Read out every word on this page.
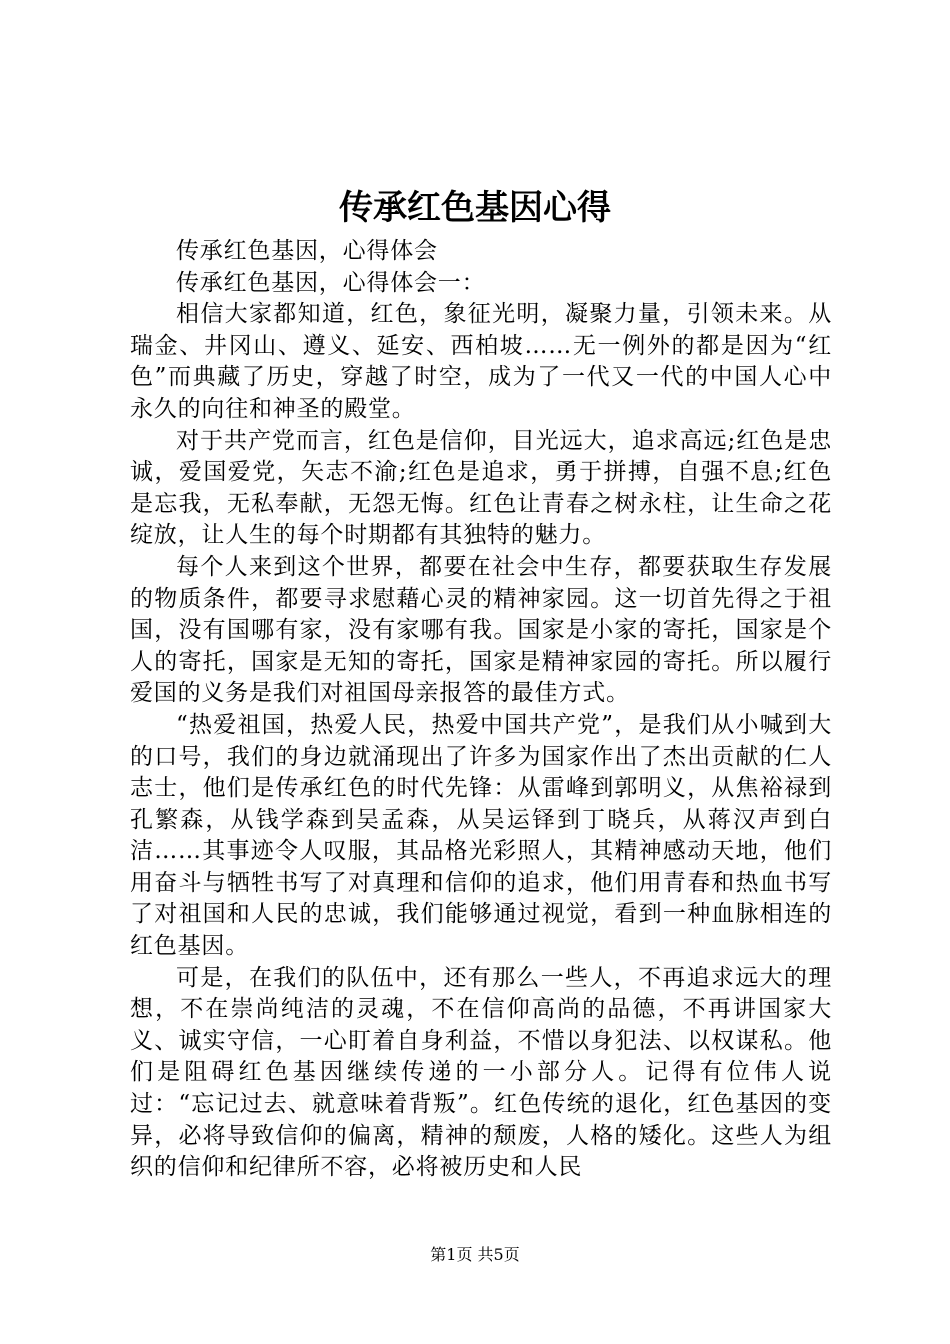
传承红色基因心得

传承红色基因，心得体会

传承红色基因，心得体会一：

相信大家都知道，红色，象征光明，凝聚力量，引领未来。从瑞金、井冈山、遵义、延安、西柏坡……无一例外的都是因为“红色”而典藏了历史，穿越了时空，成为了一代又一代的中国人心中永久的向往和神圣的殿堂。

对于共产党而言，红色是信仰，目光远大，追求高远;红色是忠诚，爱国爱党，矢志不渝;红色是追求，勇于拼搏，自强不息;红色是忘我，无私奉献，无怨无悔。红色让青春之树永柱，让生命之花绽放，让人生的每个时期都有其独特的魅力。

每个人来到这个世界，都要在社会中生存，都要获取生存发展的物质条件，都要寻求慰藉心灵的精神家园。这一切首先得之于祖国，没有国哪有家，没有家哪有我。国家是小家的寄托，国家是个人的寄托，国家是无知的寄托，国家是精神家园的寄托。所以履行爱国的义务是我们对祖国母亲报答的最佳方式。

“热爱祖国，热爱人民，热爱中国共产党”，是我们从小喊到大的口号，我们的身边就涌现出了许多为国家作出了杰出贡献的仁人志士，他们是传承红色的时代先锋：从雷峰到郭明义，从焦裕禄到孔繁森，从钱学森到吴孟森，从吴运铎到丁晓兵，从蒋汉声到白洁……其事迹令人叹服，其品格光彩照人，其精神感动天地，他们用奋斗与牺牲书写了对真理和信仰的追求，他们用青春和热血书写了对祖国和人民的忠诚，我们能够通过视觉，看到一种血脉相连的红色基因。

可是，在我们的队伍中，还有那么一些人，不再追求远大的理想，不在崇尚纯洁的灵魂，不在信仰高尚的品德，不再讲国家大义、诚实守信，一心盯着自身利益，不惜以身犯法、以权谋私。他们是阻碍红色基因继续传递的一小部分人。记得有位伟人说过：“忘记过去、就意味着背叛”。红色传统的退化，红色基因的变异，必将导致信仰的偏离，精神的颓废，人格的矮化。这些人为组织的信仰和纪律所不容，必将被历史和人民

第1页 共5页
